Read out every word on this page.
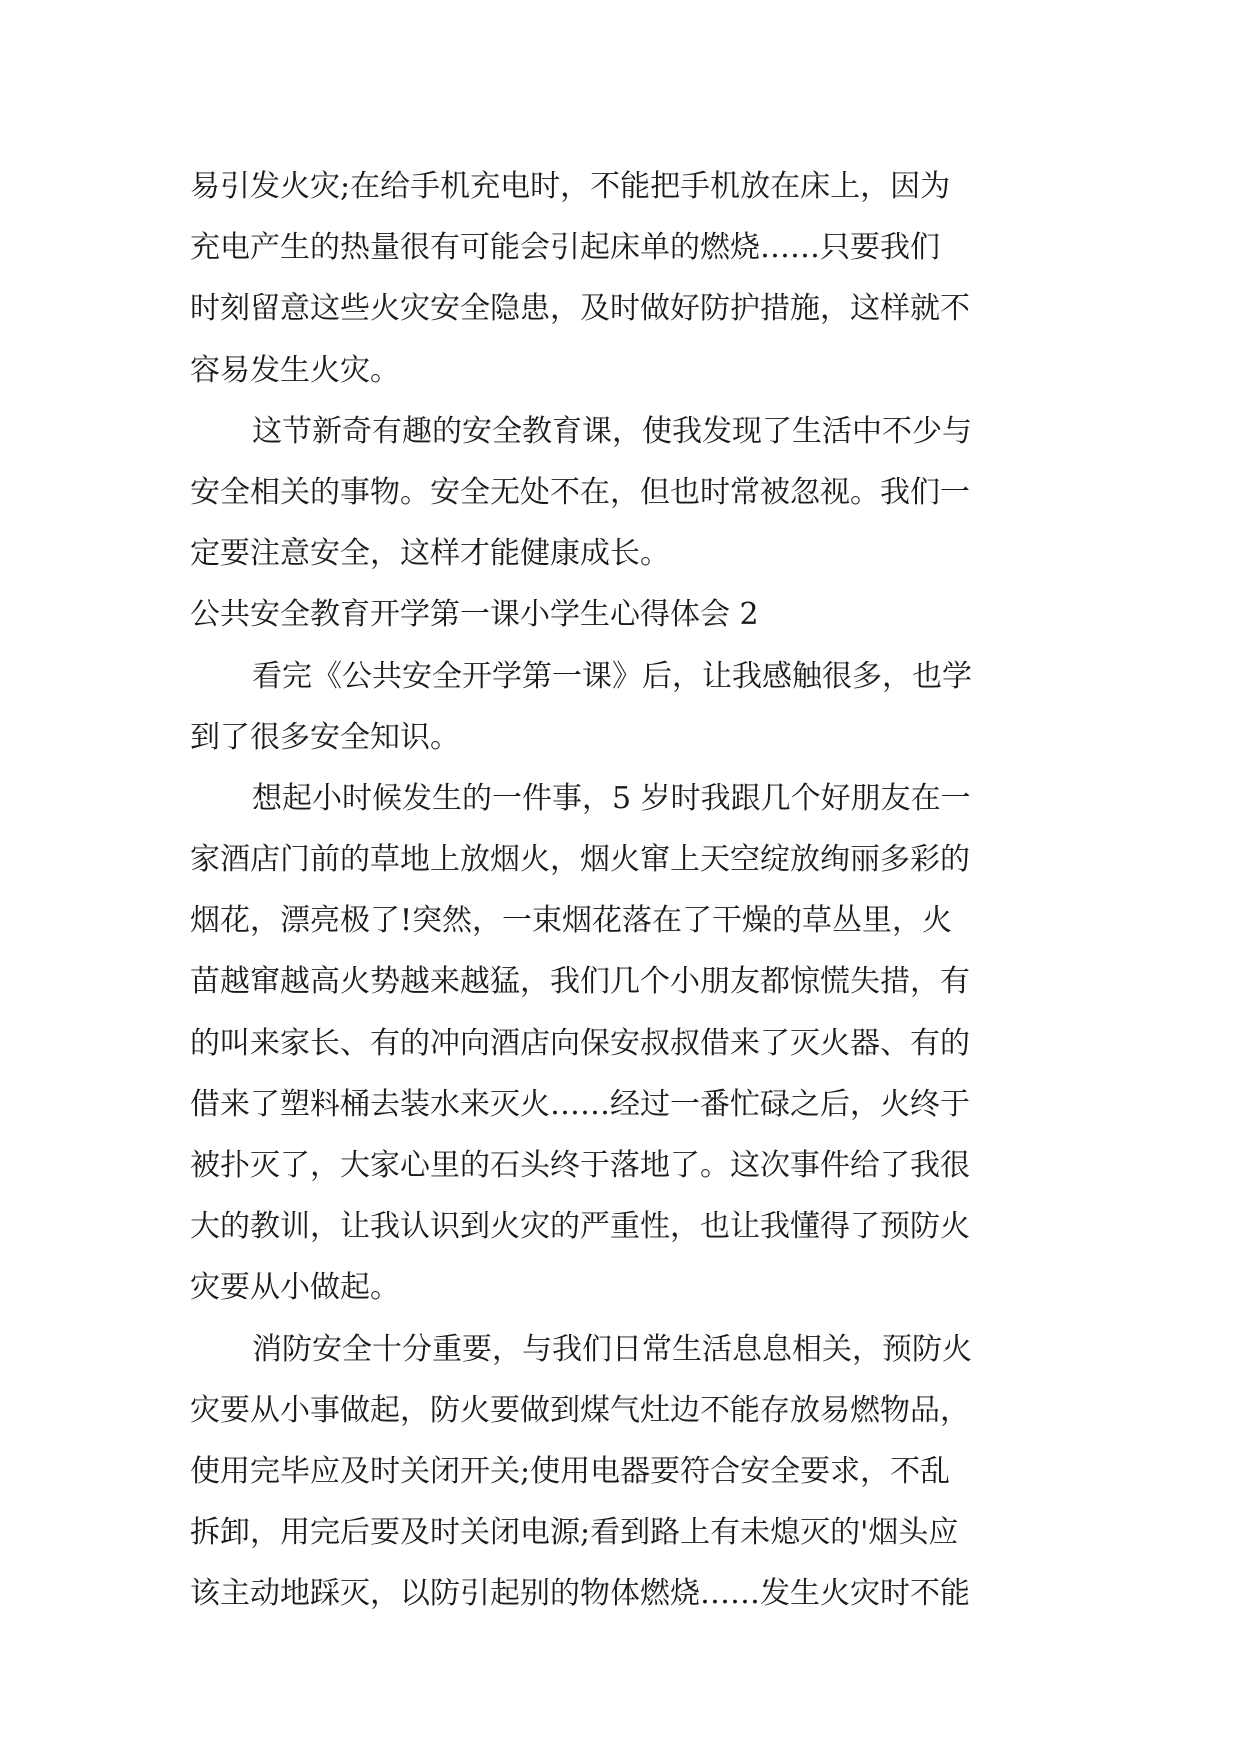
易引发火灾;在给手机充电时，不能把手机放在床上，因为
充电产生的热量很有可能会引起床单的燃烧……只要我们
时刻留意这些火灾安全隐患，及时做好防护措施，这样就不
容易发生火灾。
这节新奇有趣的安全教育课，使我发现了生活中不少与
安全相关的事物。安全无处不在，但也时常被忽视。我们一
定要注意安全，这样才能健康成长。
公共安全教育开学第一课小学生心得体会 2
看完《公共安全开学第一课》后，让我感触很多，也学
到了很多安全知识。
想起小时候发生的一件事，5 岁时我跟几个好朋友在一
家酒店门前的草地上放烟火，烟火窜上天空绽放绚丽多彩的
烟花，漂亮极了!突然，一束烟花落在了干燥的草丛里，火
苗越窜越高火势越来越猛，我们几个小朋友都惊慌失措，有
的叫来家长、有的冲向酒店向保安叔叔借来了灭火器、有的
借来了塑料桶去装水来灭火……经过一番忙碌之后，火终于
被扑灭了，大家心里的石头终于落地了。这次事件给了我很
大的教训，让我认识到火灾的严重性，也让我懂得了预防火
灾要从小做起。
消防安全十分重要，与我们日常生活息息相关，预防火
灾要从小事做起，防火要做到煤气灶边不能存放易燃物品，
使用完毕应及时关闭开关;使用电器要符合安全要求，不乱
拆卸，用完后要及时关闭电源;看到路上有未熄灭的'烟头应
该主动地踩灭，以防引起别的物体燃烧……发生火灾时不能
